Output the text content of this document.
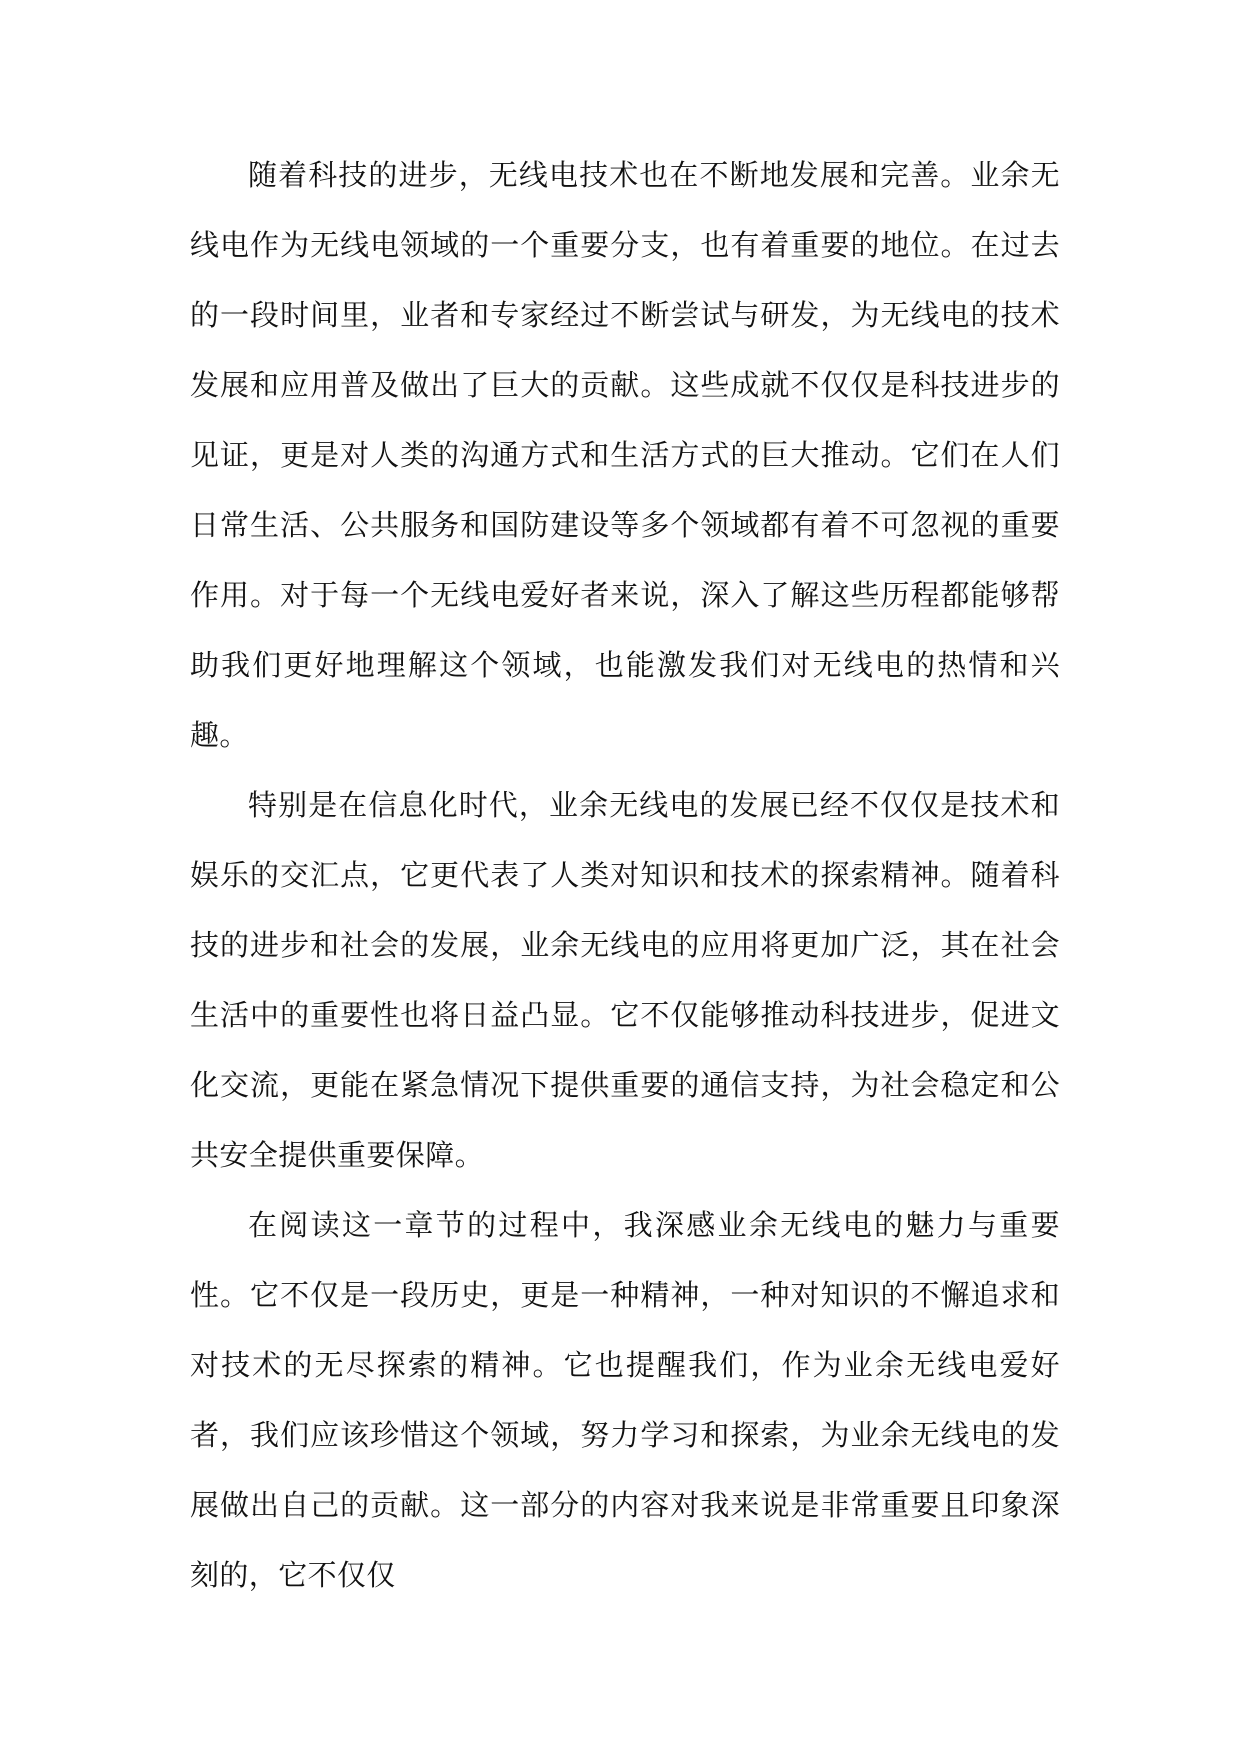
随着科技的进步，无线电技术也在不断地发展和完善。业余无线电作为无线电领域的一个重要分支，也有着重要的地位。在过去的一段时间里，业者和专家经过不断尝试与研发，为无线电的技术发展和应用普及做出了巨大的贡献。这些成就不仅仅是科技进步的见证，更是对人类的沟通方式和生活方式的巨大推动。它们在人们日常生活、公共服务和国防建设等多个领域都有着不可忽视的重要作用。对于每一个无线电爱好者来说，深入了解这些历程都能够帮助我们更好地理解这个领域，也能激发我们对无线电的热情和兴趣。

特别是在信息化时代，业余无线电的发展已经不仅仅是技术和娱乐的交汇点，它更代表了人类对知识和技术的探索精神。随着科技的进步和社会的发展，业余无线电的应用将更加广泛，其在社会生活中的重要性也将日益凸显。它不仅能够推动科技进步，促进文化交流，更能在紧急情况下提供重要的通信支持，为社会稳定和公共安全提供重要保障。

在阅读这一章节的过程中，我深感业余无线电的魅力与重要性。它不仅是一段历史，更是一种精神，一种对知识的不懈追求和对技术的无尽探索的精神。它也提醒我们，作为业余无线电爱好者，我们应该珍惜这个领域，努力学习和探索，为业余无线电的发展做出自己的贡献。这一部分的内容对我来说是非常重要且印象深刻的，它不仅仅
